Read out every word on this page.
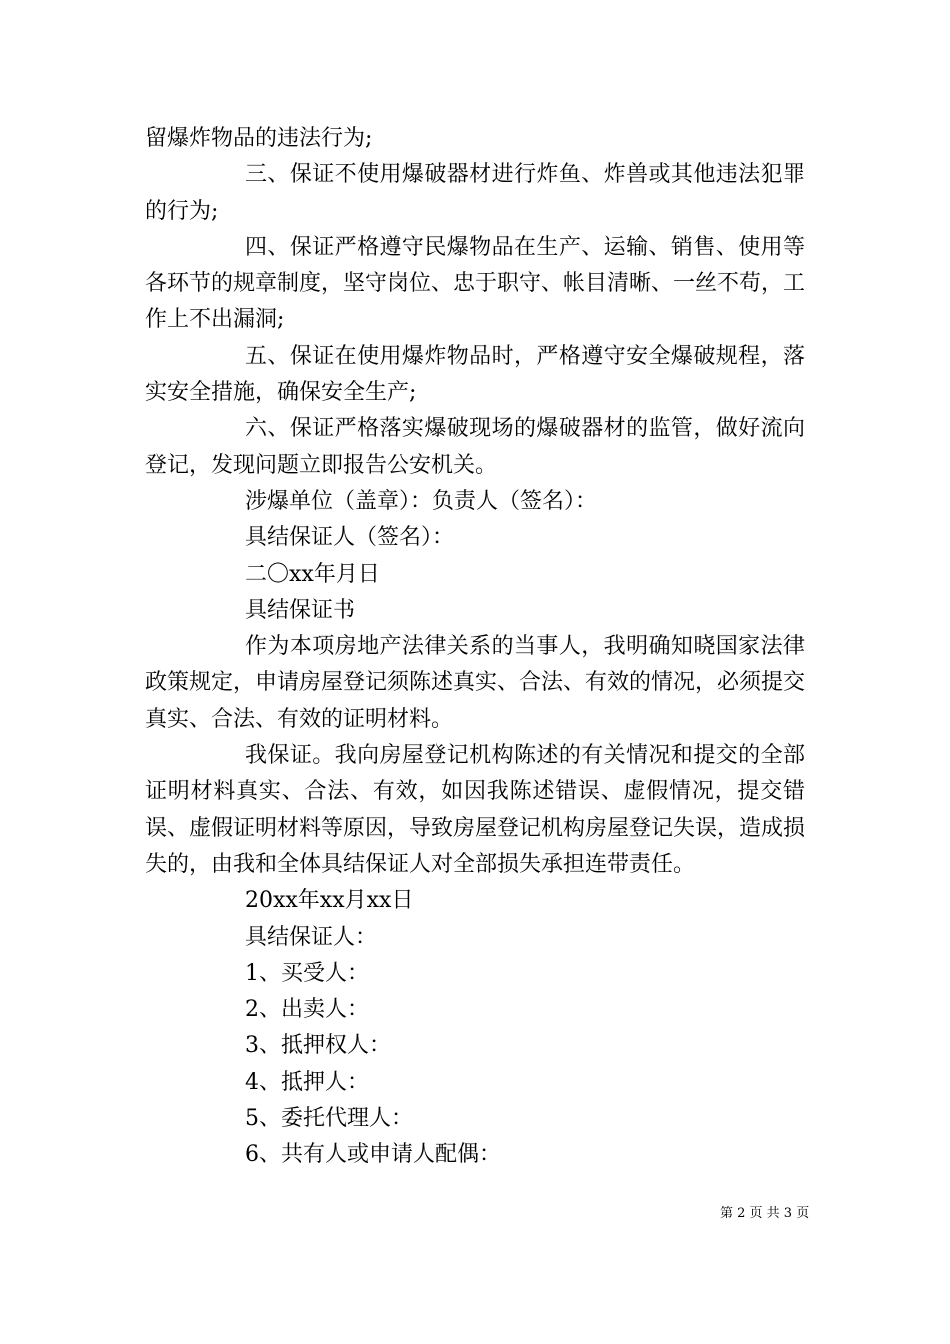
留爆炸物品的违法行为;

三、保证不使用爆破器材进行炸鱼、炸兽或其他违法犯罪的行为;

四、保证严格遵守民爆物品在生产、运输、销售、使用等各环节的规章制度，坚守岗位、忠于职守、帐目清晰、一丝不苟，工作上不出漏洞;

五、保证在使用爆炸物品时，严格遵守安全爆破规程，落实安全措施，确保安全生产;

六、保证严格落实爆破现场的爆破器材的监管，做好流向登记，发现问题立即报告公安机关。

涉爆单位（盖章）：负责人（签名）：

具结保证人（签名）：

二〇xx年月日

具结保证书

作为本项房地产法律关系的当事人，我明确知晓国家法律政策规定，申请房屋登记须陈述真实、合法、有效的情况，必须提交真实、合法、有效的证明材料。

我保证。我向房屋登记机构陈述的有关情况和提交的全部证明材料真实、合法、有效，如因我陈述错误、虚假情况，提交错误、虚假证明材料等原因，导致房屋登记机构房屋登记失误，造成损失的，由我和全体具结保证人对全部损失承担连带责任。

20xx年xx月xx日

具结保证人：

1、买受人：

2、出卖人：

3、抵押权人：

4、抵押人：

5、委托代理人：

6、共有人或申请人配偶：

第 2 页 共 3 页
